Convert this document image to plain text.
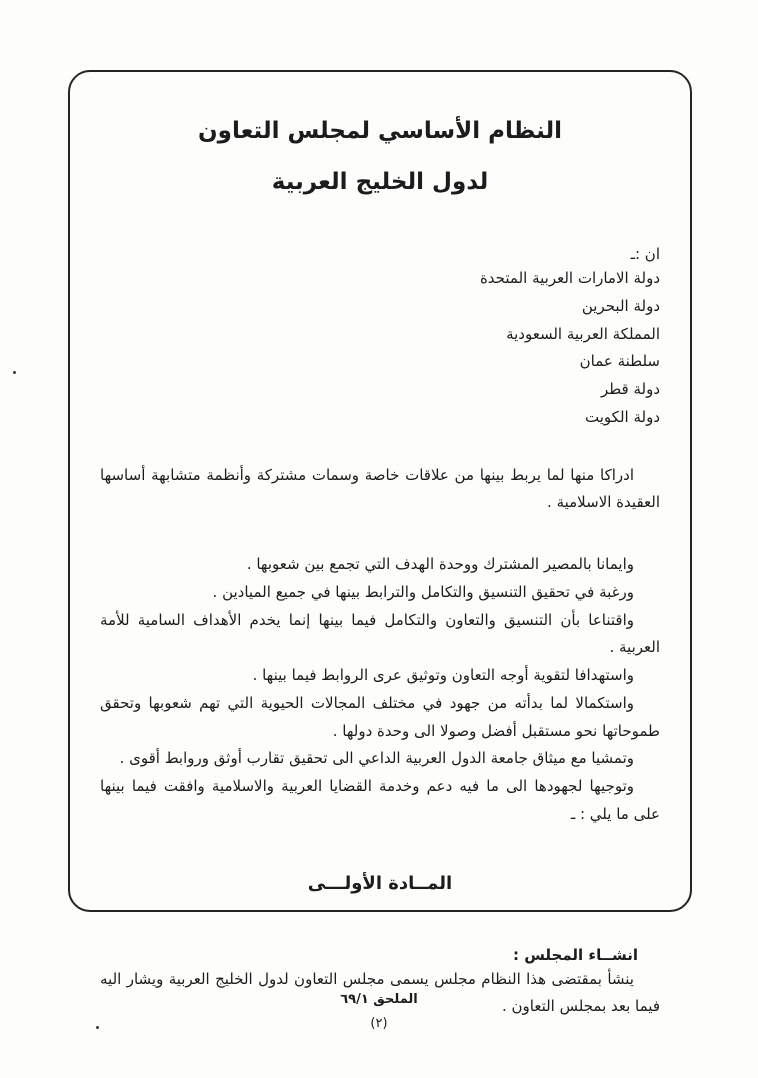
النظام الأساسي لمجلس التعاون
لدول الخليج العربية
ان :ـ
دولة الامارات العربية المتحدة
دولة البحرين
المملكة العربية السعودية
سلطنة عمان
دولة قطر
دولة الكويت

ادراكا منها لما يربط بينها من علاقات خاصة وسمات مشتركة وأنظمة متشابهة أساسها العقيدة الاسلامية .

وايمانا بالمصير المشترك ووحدة الهدف التي تجمع بين شعوبها .

ورغبة في تحقيق التنسيق والتكامل والترابط بينها في جميع الميادين .

واقتناعا بأن التنسيق والتعاون والتكامل فيما بينها إنما يخدم الأهداف السامية للأمة العربية .

واستهدافا لتقوية أوجه التعاون وتوثيق عرى الروابط فيما بينها .

واستكمالا لما بدأته من جهود في مختلف المجالات الحيوية التي تهم شعوبها وتحقق طموحاتها نحو مستقبل أفضل وصولا الى وحدة دولها .

وتمشيا مع ميثاق جامعة الدول العربية الداعي الى تحقيق تقارب أوثق وروابط أقوى .

وتوجيها لجهودها الى ما فيه دعم وخدمة القضايا العربية والاسلامية وافقت فيما بينها على ما يلي : ـ

المــادة الأولـــى
انشــاء المجلس :

ينشأ بمقتضى هذا النظام مجلس يسمى مجلس التعاون لدول الخليج العربية ويشار اليه فيما بعد بمجلس التعاون .

الملحق ٦٩/١
(٢)
